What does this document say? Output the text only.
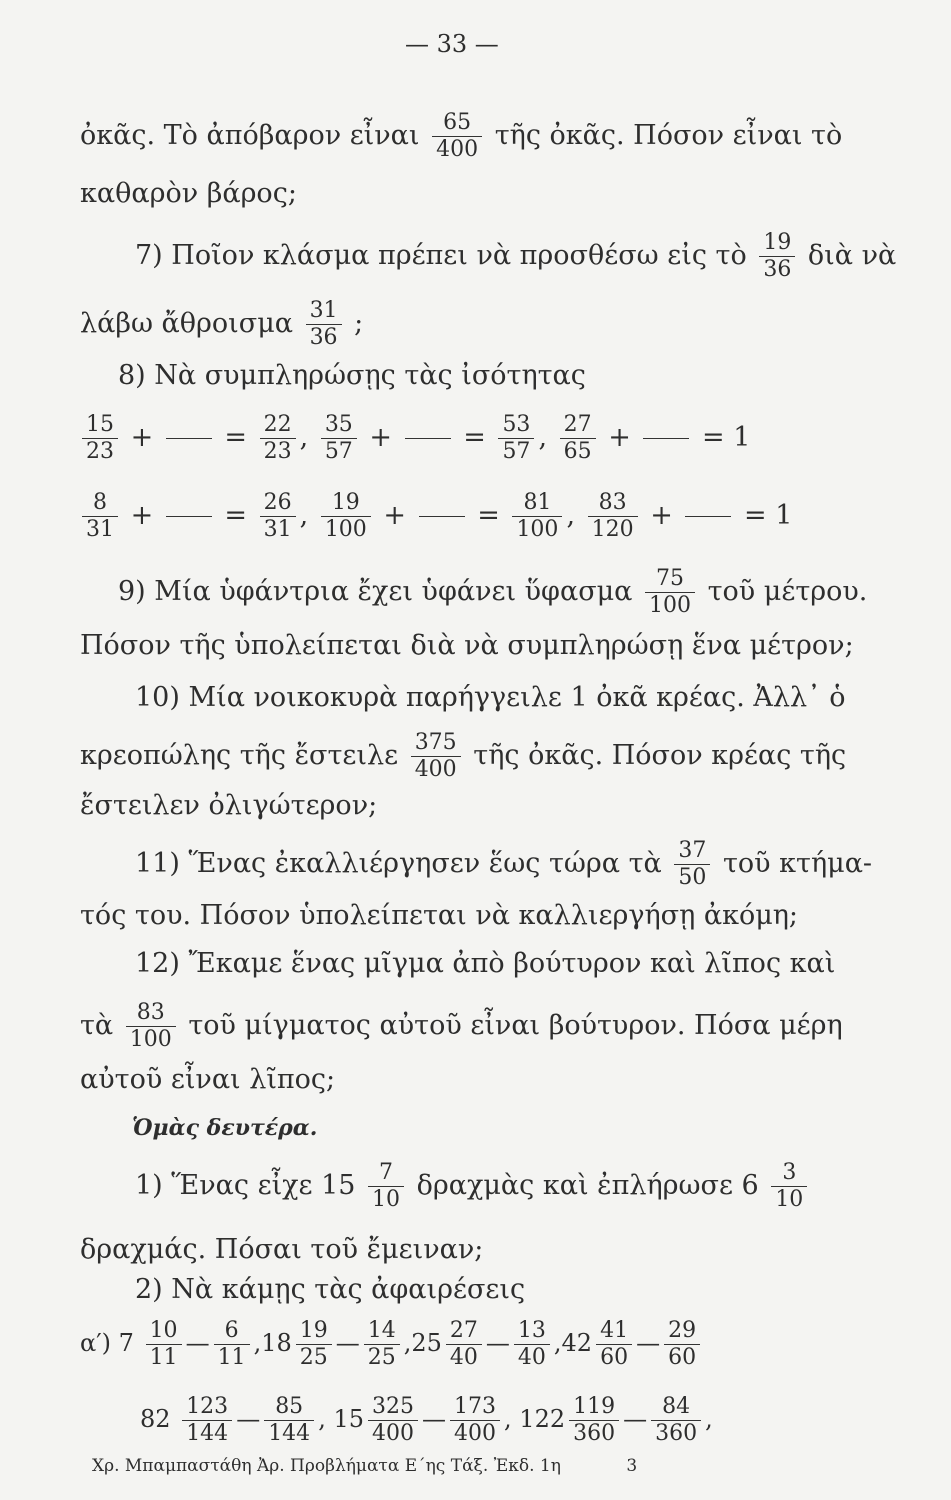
— 33 —
ὀκᾶς. Τὸ ἀπόβαρον εἶναι $\frac{65}{400}$ τῆς ὀκᾶς. Πόσον εἶναι τὸ
καθαρὸν βάρος;
7) Ποῖον κλάσμα πρέπει νὰ προσθέσω εἰς τὸ $\frac{19}{36}$ διὰ νὰ
λάβω ἄθροισμα $\frac{31}{36}$ ;
8) Νὰ συμπληρώσῃς τὰς ἰσότητας
$\frac{15}{23}$ +

	= $\frac{22}{23}$ , $\frac{35}{57}$ +

	= $\frac{53}{57}$ , $\frac{27}{65}$ +

	= 1
$\frac{8}{31}$ +

	= $\frac{26}{31}$ , $\frac{19}{100}$ +

	= $\frac{81}{100}$ , $\frac{83}{120}$ +

	= 1
9) Μία ὑφάντρια ἔχει ὑφάνει ὕφασμα $\frac{75}{100}$ τοῦ μέτρου.
Πόσον τῆς ὑπολείπεται διὰ νὰ συμπληρώσῃ ἕνα μέτρον;
10) Μία νοικοκυρὰ παρήγγειλε 1 ὀκᾶ κρέας. Ἀλλ᾽ ὁ
κρεοπώλης τῆς ἔστειλε $\frac{375}{400}$ τῆς ὀκᾶς. Πόσον κρέας τῆς
ἔστειλεν ὀλιγώτερον;
11) Ἕνας ἐκαλλιέργησεν ἕως τώρα τὰ $\frac{37}{50}$ τοῦ κτήμα-
τός του. Πόσον ὑπολείπεται νὰ καλλιεργήσῃ ἀκόμη;
12) Ἔκαμε ἕνας μῖγμα ἀπὸ βούτυρον καὶ λῖπος καὶ
τὰ $\frac{83}{100}$ τοῦ μίγματος αὐτοῦ εἶναι βούτυρον. Πόσα μέρη
αὐτοῦ εἶναι λῖπος;
Ὁμὰς δευτέρα.
1) Ἕνας εἶχε $15 \frac{7}{10}$ δραχμὰς καὶ ἐπλήρωσε $6 \frac{3}{10}$
δραχμάς. Πόσαι τοῦ ἔμειναν;
2) Νὰ κάμῃς τὰς ἀφαιρέσεις
α′) $7 \frac{10}{11}$ — $\frac{6}{11} ,18 \frac{19}{25}$ — $\frac{14}{25} ,25 \frac{27}{40}$ — $\frac{13}{40} ,42 \frac{41}{60}$ — $\frac{29}{60}$
$82 \frac{123}{144}$ — $\frac{85}{144}$ , $15 \frac{325}{400}$ — $\frac{173}{400}$ , $122 \frac{119}{360}$ — $\frac{84}{360}$ ,
Χρ. Μπαμπαστάθη Ἀρ. Προβλήματα Ε΄ης Τάξ. Ἐκδ. 1η	3
